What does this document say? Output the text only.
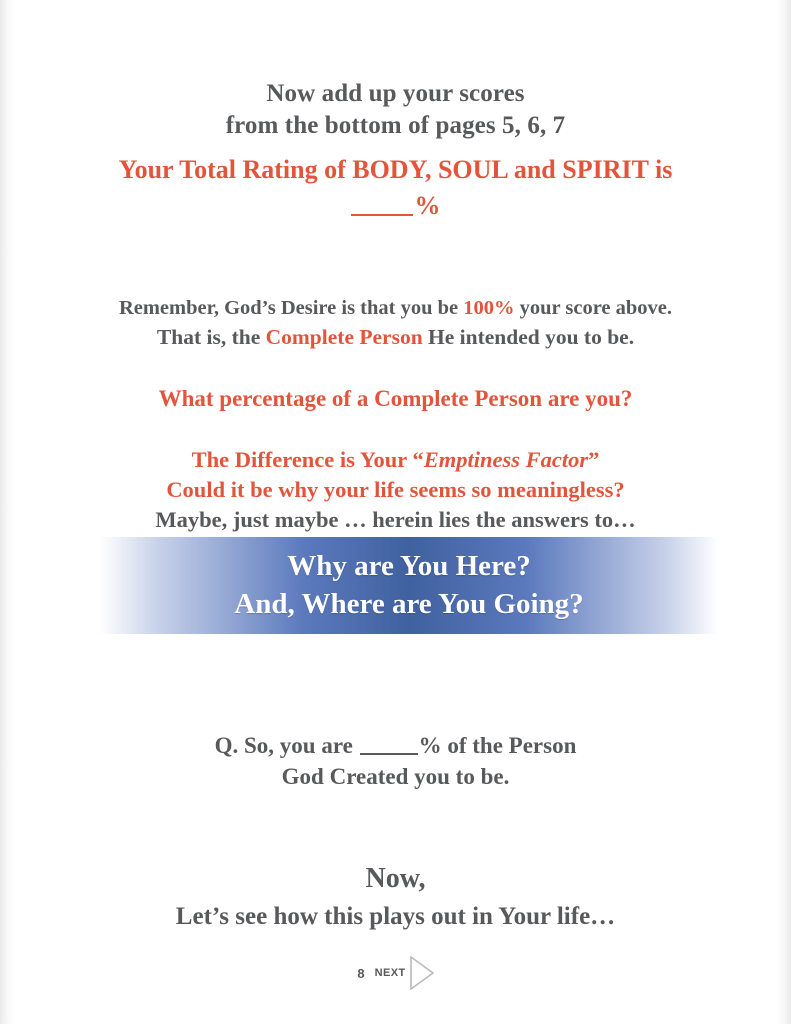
Now add up your scores
from the bottom of pages 5, 6, 7
Your Total Rating of BODY, SOUL and SPIRIT is
%
Remember, God’s Desire is that you be 100% your score above.
That is, the Complete Person He intended you to be.
What percentage of a Complete Person are you?
The Difference is Your “Emptiness Factor”
Could it be why your life seems so meaningless?
Maybe, just maybe … herein lies the answers to…
Q. So, you are	% of the Person
God Created you to be.
Now,
Let’s see how this plays out in Your life…
Why are You Here?
And, Where are You Going?
8 NEXT
